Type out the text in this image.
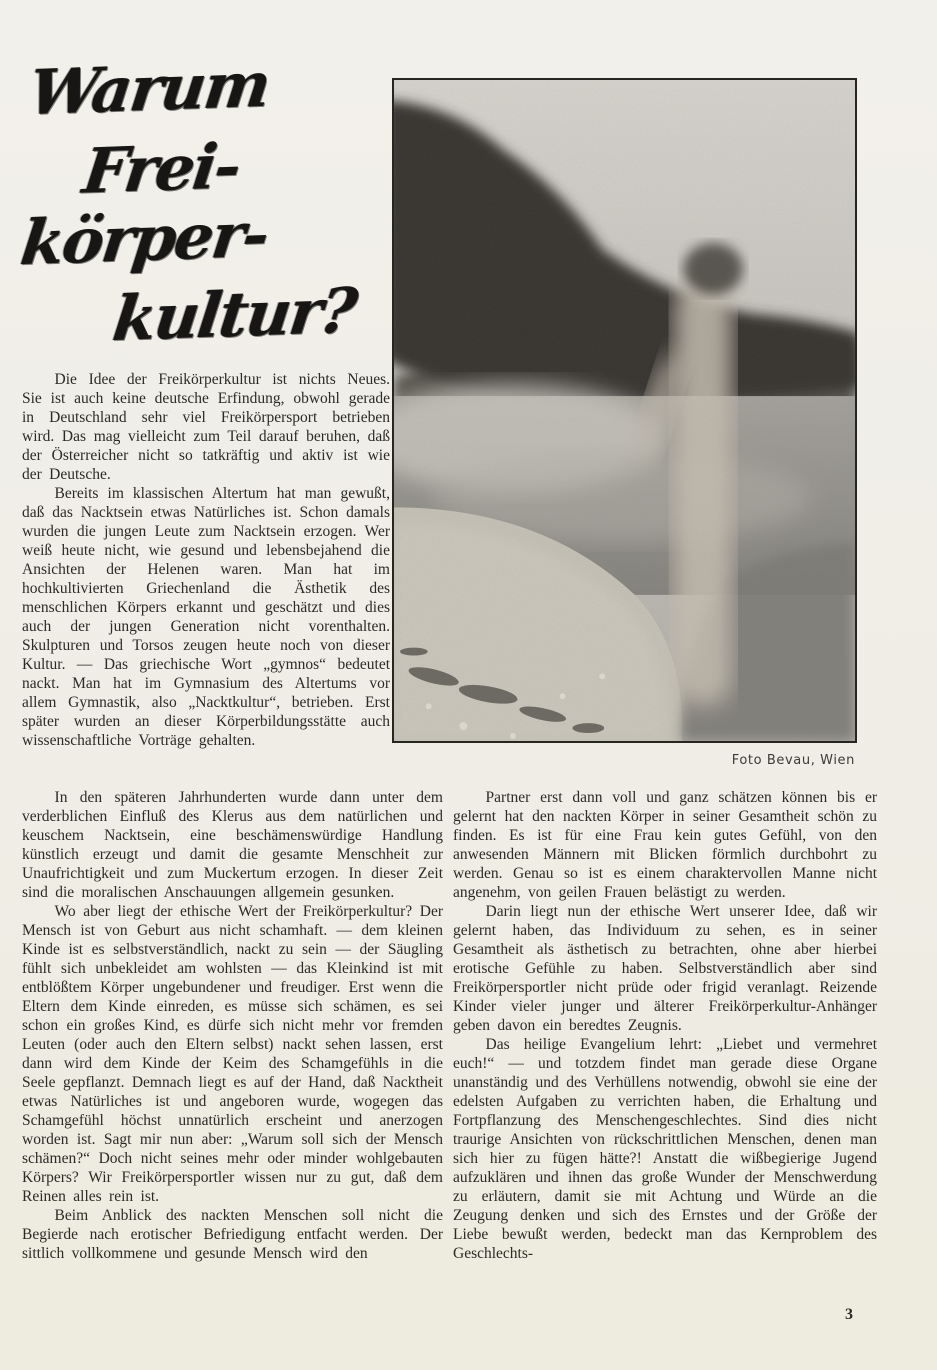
Warum
Frei-
körper-
kultur?
Foto Bevau, Wien

Die Idee der Freikörperkultur ist nichts Neues. Sie ist auch keine deutsche Erfindung, obwohl gerade in Deutschland sehr viel Freikörpersport betrieben wird. Das mag vielleicht zum Teil darauf beruhen, daß der Österreicher nicht so tatkräftig und aktiv ist wie der Deutsche.

Bereits im klassischen Altertum hat man gewußt, daß das Nacktsein etwas Natürliches ist. Schon damals wurden die jungen Leute zum Nacktsein erzogen. Wer weiß heute nicht, wie gesund und lebensbejahend die Ansichten der Helenen waren. Man hat im hochkultivierten Griechenland die Ästhetik des menschlichen Körpers erkannt und geschätzt und dies auch der jungen Generation nicht vorenthalten. Skulpturen und Torsos zeugen heute noch von dieser Kultur. — Das griechische Wort „gymnos“ bedeutet nackt. Man hat im Gymnasium des Altertums vor allem Gymnastik, also „Nacktkultur“, betrieben. Erst später wurden an dieser Körperbildungsstätte auch wissenschaftliche Vorträge gehalten.

In den späteren Jahrhunderten wurde dann unter dem verderblichen Einfluß des Klerus aus dem natürlichen und keuschem Nacktsein, eine beschämenswürdige Handlung künstlich erzeugt und damit die gesamte Menschheit zur Unaufrichtigkeit und zum Muckertum erzogen. In dieser Zeit sind die moralischen Anschauungen allgemein gesunken.

Wo aber liegt der ethische Wert der Freikörperkultur? Der Mensch ist von Geburt aus nicht schamhaft. — dem kleinen Kinde ist es selbstverständlich, nackt zu sein — der Säugling fühlt sich unbekleidet am wohlsten — das Kleinkind ist mit entblößtem Körper ungebundener und freudiger. Erst wenn die Eltern dem Kinde einreden, es müsse sich schämen, es sei schon ein großes Kind, es dürfe sich nicht mehr vor fremden Leuten (oder auch den Eltern selbst) nackt sehen lassen, erst dann wird dem Kinde der Keim des Schamgefühls in die Seele gepflanzt. Demnach liegt es auf der Hand, daß Nacktheit etwas Natürliches ist und angeboren wurde, wogegen das Schamgefühl höchst unnatürlich erscheint und anerzogen worden ist. Sagt mir nun aber: „Warum soll sich der Mensch schämen?“ Doch nicht seines mehr oder minder wohlgebauten Körpers? Wir Freikörpersportler wissen nur zu gut, daß dem Reinen alles rein ist.

Beim Anblick des nackten Menschen soll nicht die Begierde nach erotischer Befriedigung entfacht werden. Der sittlich vollkommene und gesunde Mensch wird den

Partner erst dann voll und ganz schätzen können bis er gelernt hat den nackten Körper in seiner Gesamtheit schön zu finden. Es ist für eine Frau kein gutes Gefühl, von den anwesenden Männern mit Blicken förmlich durchbohrt zu werden. Genau so ist es einem charaktervollen Manne nicht angenehm, von geilen Frauen belästigt zu werden.

Darin liegt nun der ethische Wert unserer Idee, daß wir gelernt haben, das Individuum zu sehen, es in seiner Gesamtheit als ästhetisch zu betrachten, ohne aber hierbei erotische Gefühle zu haben. Selbstverständlich aber sind Freikörpersportler nicht prüde oder frigid veranlagt. Reizende Kinder vieler junger und älterer Freikörperkultur-Anhänger geben davon ein beredtes Zeugnis.

Das heilige Evangelium lehrt: „Liebet und vermehret euch!“ — und totzdem findet man gerade diese Organe unanständig und des Verhüllens notwendig, obwohl sie eine der edelsten Aufgaben zu verrichten haben, die Erhaltung und Fortpflanzung des Menschengeschlechtes. Sind dies nicht traurige Ansichten von rückschrittlichen Menschen, denen man sich hier zu fügen hätte?! Anstatt die wißbegierige Jugend aufzuklären und ihnen das große Wunder der Menschwerdung zu erläutern, damit sie mit Achtung und Würde an die Zeugung denken und sich des Ernstes und der Größe der Liebe bewußt werden, bedeckt man das Kernproblem des Geschlechts-

3
